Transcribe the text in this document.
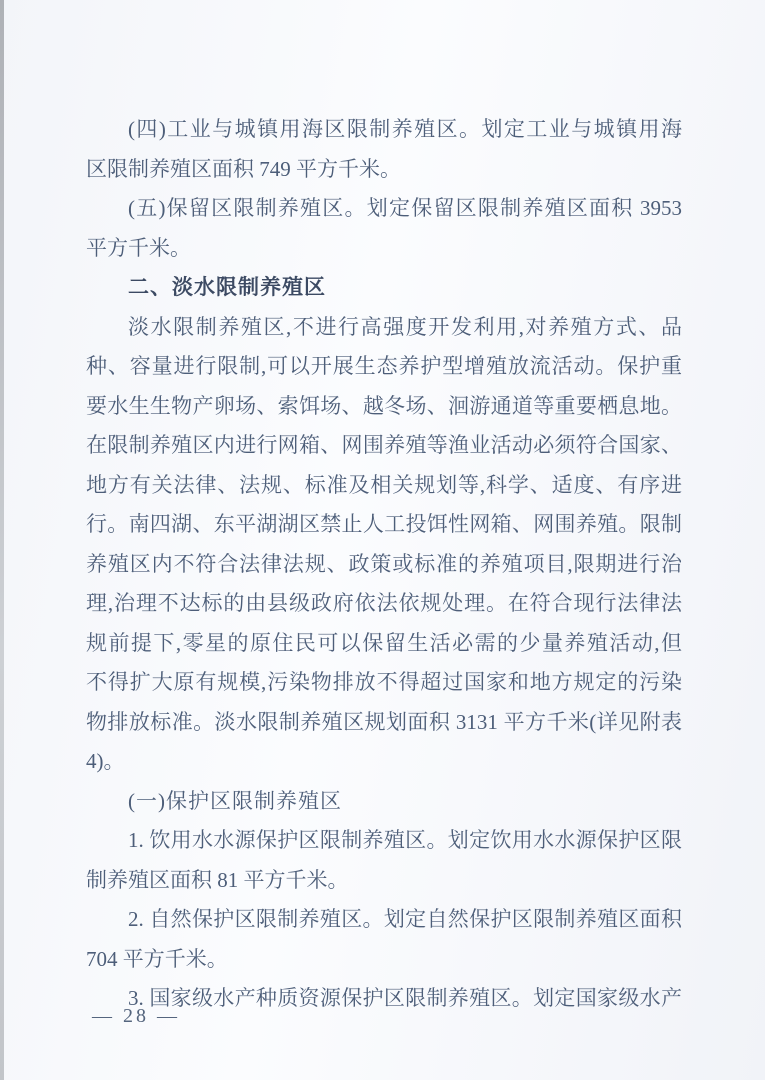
(四)工业与城镇用海区限制养殖区。划定工业与城镇用海
区限制养殖区面积 749 平方千米。
(五)保留区限制养殖区。划定保留区限制养殖区面积 3953
平方千米。
二、淡水限制养殖区
淡水限制养殖区,不进行高强度开发利用,对养殖方式、品
种、容量进行限制,可以开展生态养护型增殖放流活动。保护重
要水生生物产卵场、索饵场、越冬场、洄游通道等重要栖息地。
在限制养殖区内进行网箱、网围养殖等渔业活动必须符合国家、
地方有关法律、法规、标准及相关规划等,科学、适度、有序进
行。南四湖、东平湖湖区禁止人工投饵性网箱、网围养殖。限制
养殖区内不符合法律法规、政策或标准的养殖项目,限期进行治
理,治理不达标的由县级政府依法依规处理。在符合现行法律法
规前提下,零星的原住民可以保留生活必需的少量养殖活动,但
不得扩大原有规模,污染物排放不得超过国家和地方规定的污染
物排放标准。淡水限制养殖区规划面积 3131 平方千米(详见附表
4)。
(一)保护区限制养殖区
1. 饮用水水源保护区限制养殖区。划定饮用水水源保护区限
制养殖区面积 81 平方千米。
2. 自然保护区限制养殖区。划定自然保护区限制养殖区面积
704 平方千米。
3. 国家级水产种质资源保护区限制养殖区。划定国家级水产
— 28 —
